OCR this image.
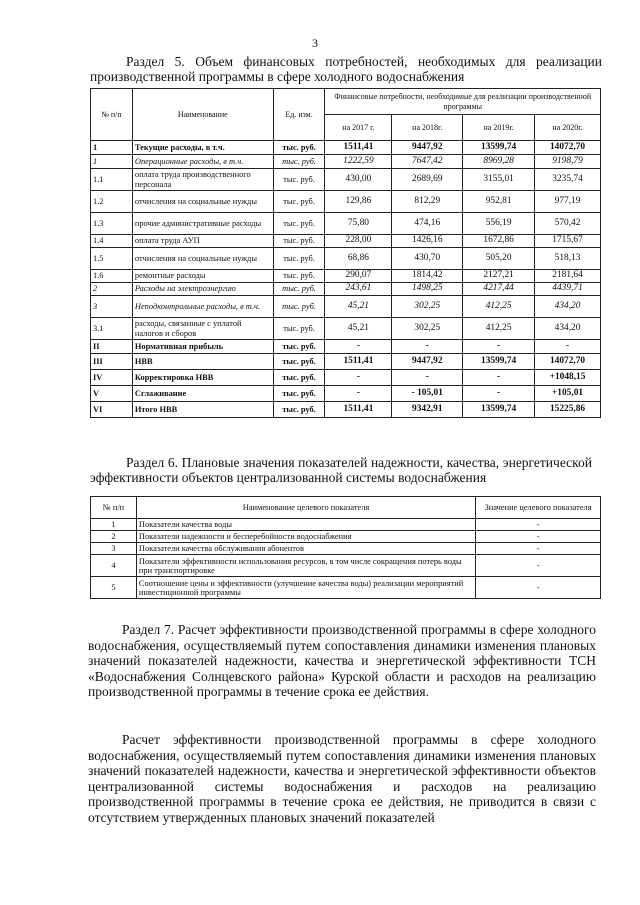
3
Раздел 5. Объем финансовых потребностей, необходимых для реализации производственной программы в сфере холодного водоснабжения
№ п/п	Наименование	Ед. изм.	Финансовые потребности, необходимые для реализации производственной программы			
			на 2017 г.	на 2018г.	на 2019г.	на 2020г.
1	Текущие расходы, в т.ч.	тыс. руб.	1511,41	9447,92	13599,74	14072,70
1	Операционные расходы, в т.ч.	тыс. руб.	1222,59	7647,42	8969,28	9198,79
1.1	оплата труда производственного персонала	тыс. руб.	430,00	2689,69	3155,01	3235,74
1.2	отчисления на социальные нужды	тыс. руб.	129,86	812,29	952,81	977,19
1.3	прочие административные расходы	тыс. руб.	75,80	474,16	556,19	570,42
1.4	оплата труда АУП	тыс. руб.	228,00	1426,16	1672,86	1715,67
1.5	отчисления на социальные нужды	тыс. руб.	68,86	430,70	505,20	518,13
1.6	ремонтные расходы	тыс. руб.	290,07	1814,42	2127,21	2181,64
2	Расходы на электроэнергию	тыс. руб.	243,61	1498,25	4217,44	4439,71
3	Неподконтрольные расходы, в т.ч.	тыс. руб.	45,21	302,25	412,25	434,20
3.1	расходы, связанные с уплатой налогов и сборов	тыс. руб.	45,21	302,25	412,25	434,20
II	Нормативная прибыль	тыс. руб.	-	-	-	-
III	НВВ	тыс. руб.	1511,41	9447,92	13599,74	14072,70
IV	Корректировка НВВ	тыс. руб.	-	-	-	+1048,15
V	Сглаживание	тыс. руб.	-	- 105,01	-	+105,01
VI	Итого НВВ	тыс. руб.	1511,41	9342,91	13599,74	15225,86
Раздел 6. Плановые значения показателей надежности, качества, энергетической эффективности объектов централизованной системы водоснабжения
№ п/п	Наименование целевого показателя	Значение целевого показателя
1	Показатели качества воды	-
2	Показатели надежности и бесперебойности водоснабжения	-
3	Показатели качества обслуживания абонентов	-
4	Показатели эффективности использования ресурсов, в том числе сокращения потерь воды при транспортировке	-
5	Соотношение цены и эффективности (улучшение качества воды) реализации мероприятий инвестиционной программы	-
Раздел 7. Расчет эффективности производственной программы в сфере холодного водоснабжения, осуществляемый путем сопоставления динамики изменения плановых значений показателей надежности, качества и энергетической эффективности ТСН «Водоснабжения Солнцевского района» Курской области и расходов на реализацию производственной программы в течение срока ее действия.
Расчет эффективности производственной программы в сфере холодного водоснабжения, осуществляемый путем сопоставления динамики изменения плановых значений показателей надежности, качества и энергетической эффективности объектов централизованной системы водоснабжения и расходов на реализацию производственной программы в течение срока ее действия, не приводится в связи с отсутствием утвержденных плановых значений показателей
